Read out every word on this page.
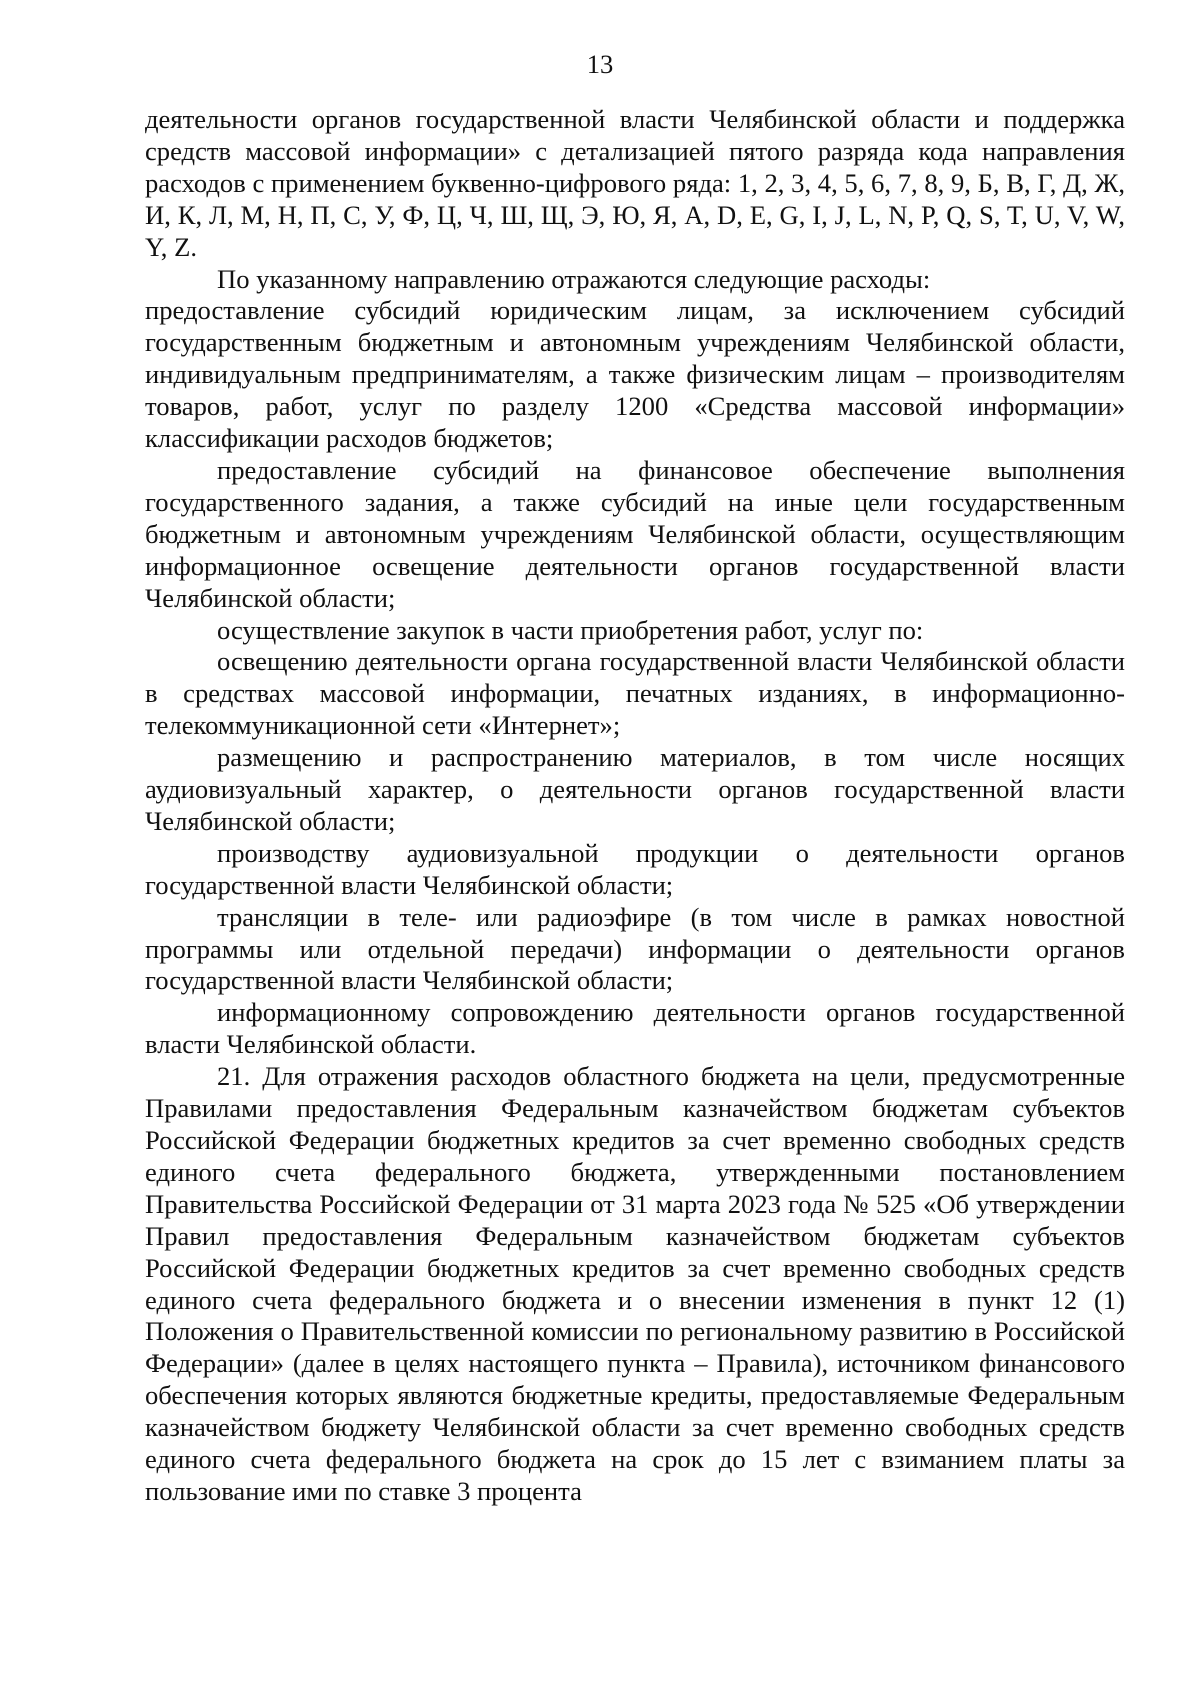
13

деятельности органов государственной власти Челябинской области и поддержка средств массовой информации» с детализацией пятого разряда кода направления расходов с применением буквенно-цифрового ряда: 1, 2, 3, 4, 5, 6, 7, 8, 9, Б, В, Г, Д, Ж, И, К, Л, М, Н, П, С, У, Ф, Ц, Ч, Ш, Щ, Э, Ю, Я, A, D, E, G, I, J, L, N, P, Q, S, T, U, V, W, Y, Z.

По указанному направлению отражаются следующие расходы:

предоставление субсидий юридическим лицам, за исключением субсидий государственным бюджетным и автономным учреждениям Челябинской области, индивидуальным предпринимателям, а также физическим лицам – производителям товаров, работ, услуг по разделу 1200 «Средства массовой информации» классификации расходов бюджетов;

предоставление субсидий на финансовое обеспечение выполнения государственного задания, а также субсидий на иные цели государственным бюджетным и автономным учреждениям Челябинской области, осуществляющим информационное освещение деятельности органов государственной власти Челябинской области;

осуществление закупок в части приобретения работ, услуг по:

освещению деятельности органа государственной власти Челябинской области в средствах массовой информации, печатных изданиях, в информационно-телекоммуникационной сети «Интернет»;

размещению и распространению материалов, в том числе носящих аудиовизуальный характер, о деятельности органов государственной власти Челябинской области;

производству аудиовизуальной продукции о деятельности органов государственной власти Челябинской области;

трансляции в теле- или радиоэфире (в том числе в рамках новостной программы или отдельной передачи) информации о деятельности органов государственной власти Челябинской области;

информационному сопровождению деятельности органов государственной власти Челябинской области.

21. Для отражения расходов областного бюджета на цели, предусмотренные Правилами предоставления Федеральным казначейством бюджетам субъектов Российской Федерации бюджетных кредитов за счет временно свободных средств единого счета федерального бюджета, утвержденными постановлением Правительства Российской Федерации от 31 марта 2023 года № 525 «Об утверждении Правил предоставления Федеральным казначейством бюджетам субъектов Российской Федерации бюджетных кредитов за счет временно свободных средств единого счета федерального бюджета и о внесении изменения в пункт 12 (1) Положения о Правительственной комиссии по региональному развитию в Российской Федерации» (далее в целях настоящего пункта – Правила), источником финансового обеспечения которых являются бюджетные кредиты, предоставляемые Федеральным казначейством бюджету Челябинской области за счет временно свободных средств единого счета федерального бюджета на срок до 15 лет с взиманием платы за пользование ими по ставке 3 процента
